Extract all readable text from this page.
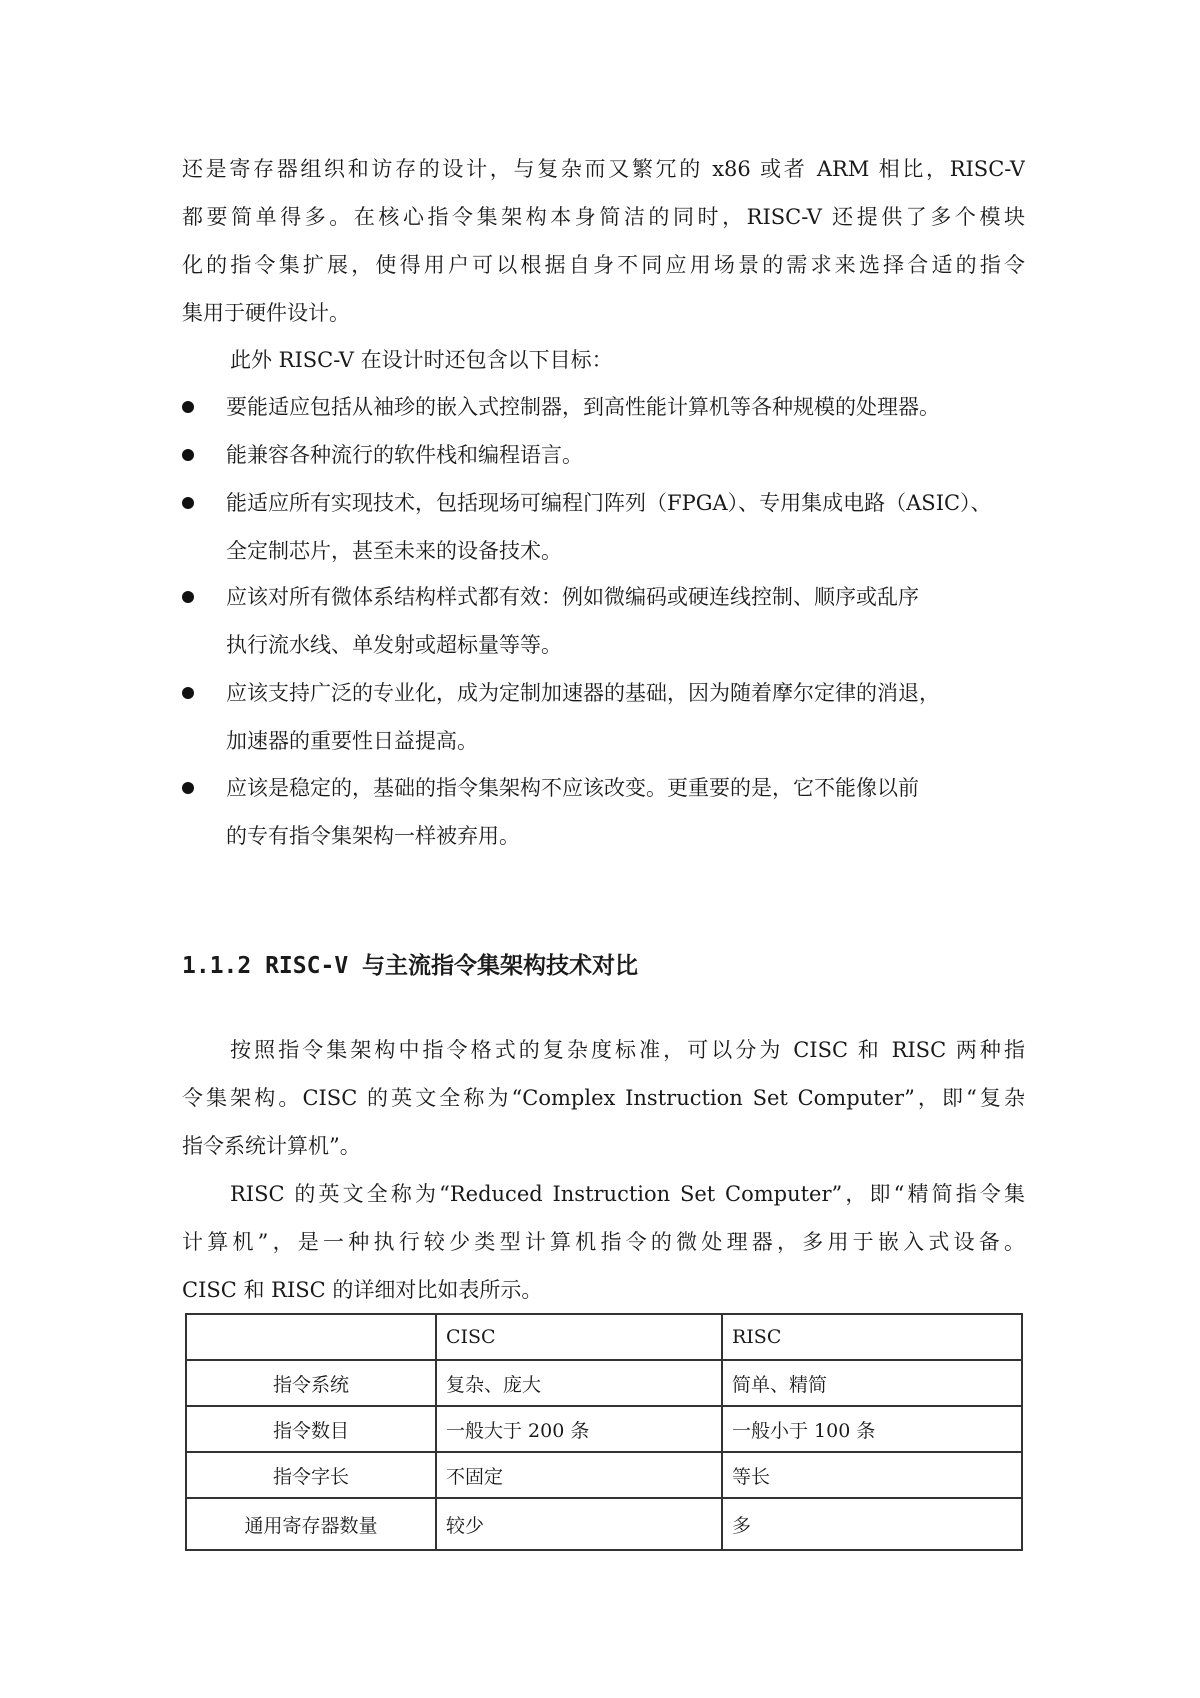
还是寄存器组织和访存的设计，与复杂而又繁冗的 x86 或者 ARM 相比，RISC-V
都要简单得多。在核心指令集架构本身简洁的同时，RISC-V 还提供了多个模块
化的指令集扩展，使得用户可以根据自身不同应用场景的需求来选择合适的指令
集用于硬件设计。
此外 RISC-V 在设计时还包含以下目标：
要能适应包括从袖珍的嵌入式控制器，到高性能计算机等各种规模的处理器。
能兼容各种流行的软件栈和编程语言。
能适应所有实现技术，包括现场可编程门阵列（FPGA）、专用集成电路（ASIC）、
全定制芯片，甚至未来的设备技术。
应该对所有微体系结构样式都有效：例如微编码或硬连线控制、顺序或乱序
执行流水线、单发射或超标量等等。
应该支持广泛的专业化，成为定制加速器的基础，因为随着摩尔定律的消退，
加速器的重要性日益提高。
应该是稳定的，基础的指令集架构不应该改变。更重要的是，它不能像以前
的专有指令集架构一样被弃用。
1.1.2 RISC-V 与主流指令集架构技术对比
按照指令集架构中指令格式的复杂度标准，可以分为 CISC 和 RISC 两种指
令集架构。CISC 的英文全称为“Complex Instruction Set Computer”，即“复杂
指令系统计算机”。
RISC 的英文全称为“Reduced Instruction Set Computer”，即“精简指令集
计算机”，是一种执行较少类型计算机指令的微处理器，多用于嵌入式设备。
CISC 和 RISC 的详细对比如表所示。
	CISC	RISC
指令系统	复杂、庞大	简单、精简
指令数目	一般大于 200 条	一般小于 100 条
指令字长	不固定	等长
通用寄存器数量	较少	多
